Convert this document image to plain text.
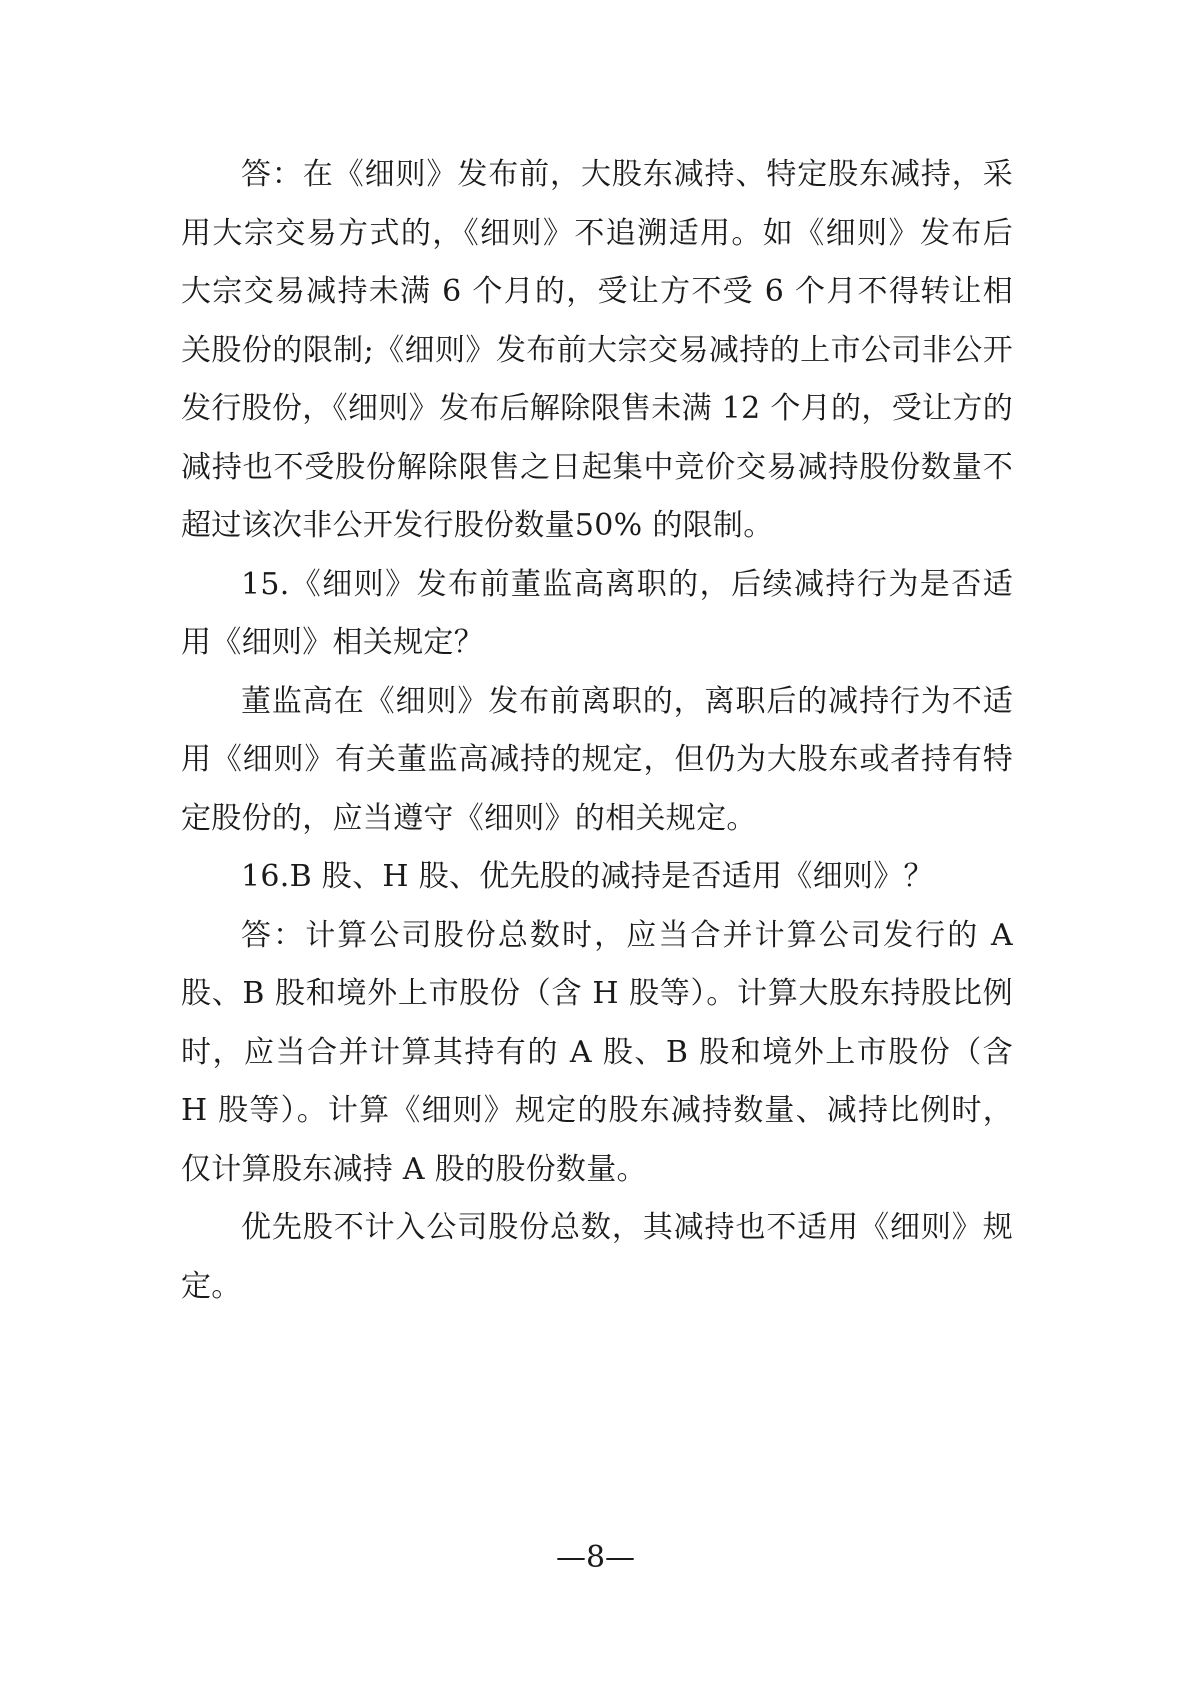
答：在《细则》发布前，大股东减持、特定股东减持，采用大宗交易方式的，《细则》不追溯适用。如《细则》发布后大宗交易减持未满 6 个月的，受让方不受 6 个月不得转让相关股份的限制;《细则》发布前大宗交易减持的上市公司非公开发行股份，《细则》发布后解除限售未满 12 个月的，受让方的减持也不受股份解除限售之日起集中竞价交易减持股份数量不超过该次非公开发行股份数量50% 的限制。

15.《细则》发布前董监高离职的，后续减持行为是否适用《细则》相关规定？

董监高在《细则》发布前离职的，离职后的减持行为不适用《细则》有关董监高减持的规定，但仍为大股东或者持有特定股份的，应当遵守《细则》的相关规定。

16.B 股、H 股、优先股的减持是否适用《细则》？

答：计算公司股份总数时，应当合并计算公司发行的 A 股、B 股和境外上市股份（含 H 股等）。计算大股东持股比例时，应当合并计算其持有的 A 股、B 股和境外上市股份（含 H 股等）。计算《细则》规定的股东减持数量、减持比例时，仅计算股东减持 A 股的股份数量。

优先股不计入公司股份总数，其减持也不适用《细则》规定。

—8—
